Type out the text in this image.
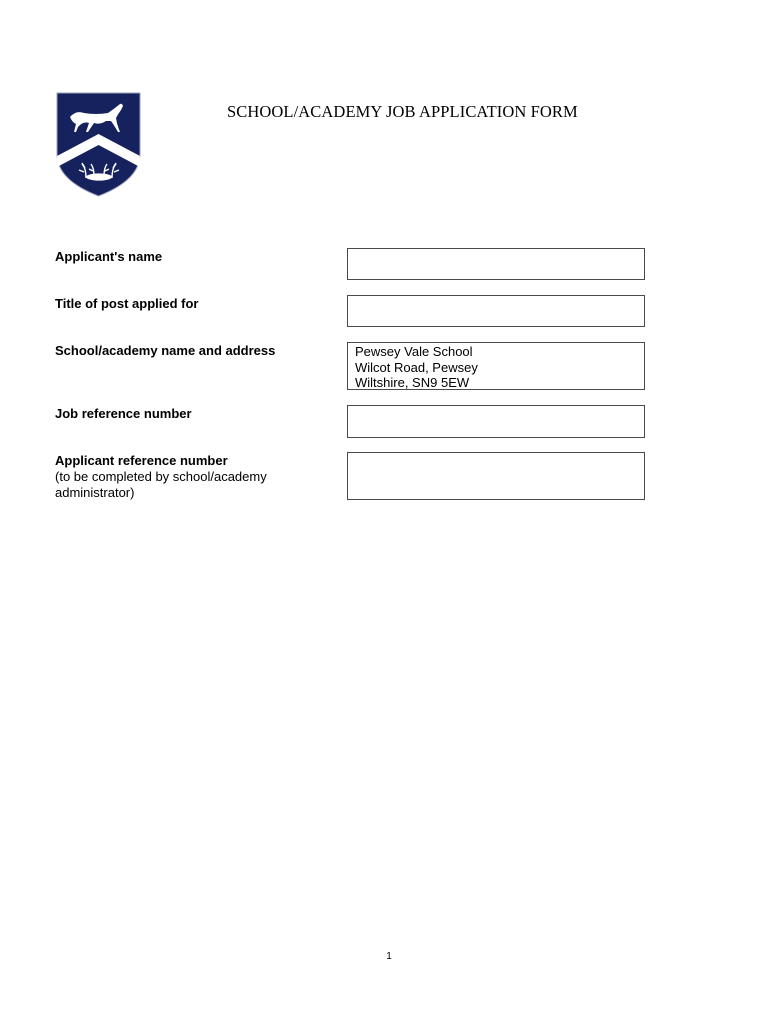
SCHOOL/ACADEMY JOB APPLICATION FORM
Applicant's name
Title of post applied for
School/academy name and address	Pewsey Vale School
Wilcot Road, Pewsey
Wiltshire, SN9 5EW
Job reference number
Applicant reference number
(to be completed by school/academy administrator)
1
